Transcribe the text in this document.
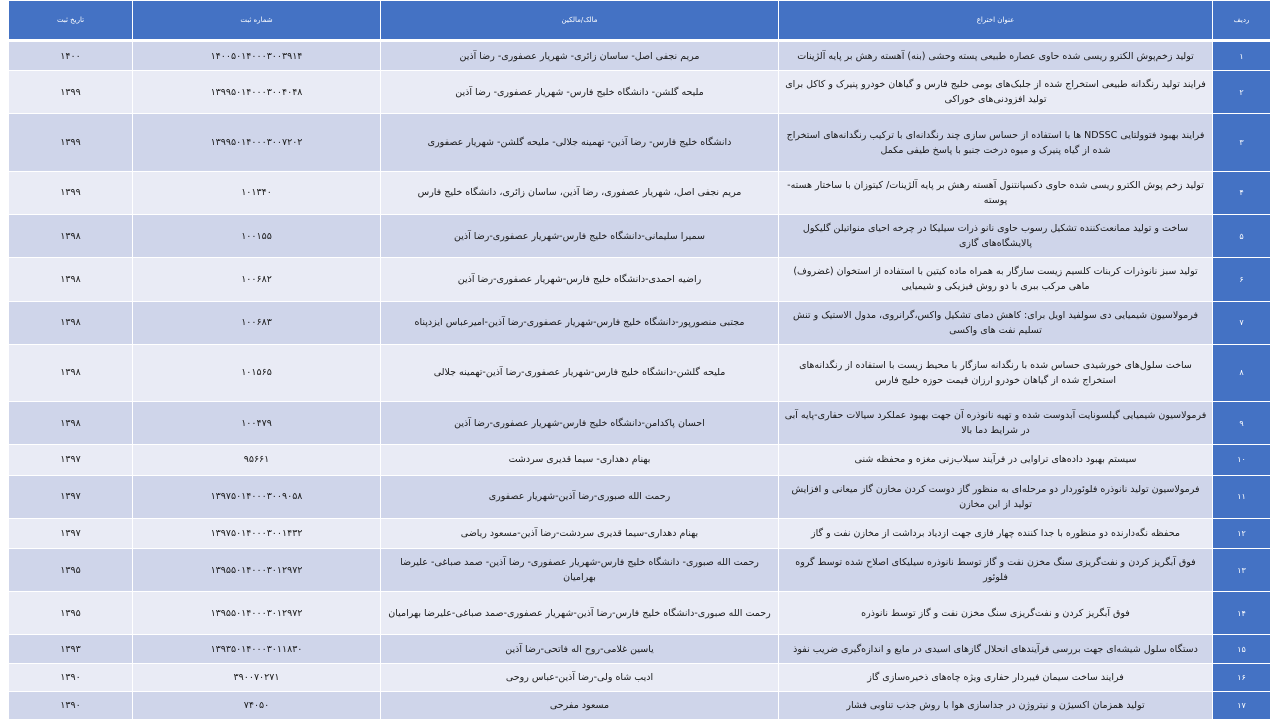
ردیف	عنوان اختراع	مالک/مالکین	شماره ثبت	تاریخ ثبت
۱	تولید زخم‌پوش الکترو ریسی شده حاوی عصاره طبیعی پسته وحشی (بنه) آهسته رهش بر پایه آلژینات	مریم نجفی اصل- ساسان زائری- شهریار عصفوری- رضا آذین	۱۴۰۰۵۰۱۴۰۰۰۳۰۰۳۹۱۴	۱۴۰۰
۲	فرایند تولید رنگدانه طبیعی استخراج شده از جلبک‌های بومی خلیج فارس و گیاهان خودرو پنیرک و کاکل برای تولید افزودنی‌های خوراکی	ملیحه گلشن- دانشگاه خلیج فارس- شهریار عصفوری- رضا آذین	۱۳۹۹۵۰۱۴۰۰۰۳۰۰۴۰۴۸	۱۳۹۹
۳	فرایند بهبود فتوولتایی NDSSC ها با استفاده از حساس سازی چند رنگدانه‌ای با ترکیب رنگدانه‌های استخراج شده از گیاه پنیرک و میوه درخت جنبو با پاسخ طیفی مکمل	دانشگاه خلیج فارس- رضا آذین- تهمینه جلالی- ملیحه گلشن- شهریار عصفوری	۱۳۹۹۵۰۱۴۰۰۰۳۰۰۷۲۰۲	۱۳۹۹
۴	تولید زخم پوش الکترو ریسی شده حاوی دکسپانتنول آهسته رهش بر پایه آلژینات/ کیتوزان با ساختار هسته-پوسته	مریم نجفی اصل، شهریار عصفوری، رضا آذین، ساسان زائری، دانشگاه خلیج فارس	۱۰۱۳۴۰	۱۳۹۹
۵	ساخت و تولید ممانعت‌کننده تشکیل رسوب حاوی نانو ذرات سیلیکا در چرخه احیای منواتیلن گلیکول پالایشگاه‌های گازی	سمیرا سلیمانی-دانشگاه خلیج فارس-شهریار عصفوری-رضا آذین	۱۰۰۱۵۵	۱۳۹۸
۶	تولید سبز نانوذرات کربنات کلسیم زیست سازگار به همراه ماده کیتین با استفاده از استخوان (غضروف) ماهی مرکب ببری با دو روش فیزیکی و شیمیایی	راضیه احمدی-دانشگاه خلیج فارس-شهریار عصفوری-رضا آذین	۱۰۰۶۸۲	۱۳۹۸
۷	فرمولاسیون شیمیایی دی سولفید اویل برای: کاهش دمای تشکیل واکس،گرانروی، مدول الاستیک و تنش تسلیم نفت های واکسی	مجتبی منصورپور-دانشگاه خلیج فارس-شهریار عصفوری-رضا آذین-امیرعباس ایزدپناه	۱۰۰۶۸۳	۱۳۹۸
۸	ساخت سلول‌های خورشیدی حساس شده با رنگدانه سازگار با محیط زیست با استفاده از رنگدانه‌های استخراج شده از گیاهان خودرو ارزان قیمت حوزه خلیج فارس	ملیحه گلشن-دانشگاه خلیج فارس-شهریار عصفوری-رضا آذین-تهمینه جلالی	۱۰۱۵۶۵	۱۳۹۸
۹	فرمولاسیون شیمیایی گیلسونایت آبدوست شده و تهیه نانوذره آن جهت بهبود عملکرد سیالات حفاری-پایه آبی در شرایط دما بالا	احسان پاکدامن-دانشگاه خلیج فارس-شهریار عصفوری-رضا آذین	۱۰۰۴۷۹	۱۳۹۸
۱۰	سیستم بهبود داده‌های تراوایی در فرآیند سیلاب‌زنی مغزه و محفظه شنی	بهنام دهداری- سیما قدیری سردشت	۹۵۶۶۱	۱۳۹۷
۱۱	فرمولاسیون تولید نانوذره فلوئوردار دو مرحله‌ای به منظور گاز دوست کردن مخازن گاز میعانی و افزایش تولید از این مخازن	رحمت الله صبوری-رضا آذین-شهریار عصفوری	۱۳۹۷۵۰۱۴۰۰۰۳۰۰۹۰۵۸	۱۳۹۷
۱۲	محفظه نگه‌دارنده دو منظوره با جدا کننده چهار فازی جهت ازدیاد برداشت از مخازن نفت و گاز	بهنام دهداری-سیما قدیری سردشت-رضا آذین-مسعود ریاضی	۱۳۹۷۵۰۱۴۰۰۰۳۰۰۱۴۳۲	۱۳۹۷
۱۳	فوق آبگریز کردن و نفت‌گریزی سنگ مخزن نفت و گاز توسط نانوذره سیلیکای اصلاح شده توسط گروه فلوئور	رحمت الله صبوری- دانشگاه خلیج فارس-شهریار عصفوری- رضا آذین- صمد صباغی- علیرضا بهرامیان	۱۳۹۵۵۰۱۴۰۰۰۳۰۱۲۹۷۲	۱۳۹۵
۱۴	فوق آبگریز کردن و نفت‌گریزی سنگ مخزن نفت و گاز توسط نانوذره	رحمت الله صبوری-دانشگاه خلیج فارس-رضا آذین-شهریار عصفوری-صمد صباغی-علیرضا بهرامیان	۱۳۹۵۵۰۱۴۰۰۰۳۰۱۲۹۷۲	۱۳۹۵
۱۵	دستگاه سلول شیشه‌ای جهت بررسی فرآیندهای انحلال گازهای اسیدی در مایع و اندازه‌گیری ضریب نفوذ	یاسین غلامی-روح اله فاتحی-رضا آذین	۱۳۹۳۵۰۱۴۰۰۰۳۰۱۱۸۳۰	۱۳۹۳
۱۶	فرایند ساخت سیمان فیبردار حفاری ویژه چاه‌های ذخیره‌سازی گاز	ادیب شاه ولی-رضا آذین-عباس روحی	۳۹۰۰۷۰۲۷۱	۱۳۹۰
۱۷	تولید همزمان اکسیژن و نیتروژن در جداسازی هوا با روش جذب تناوبی فشار	مسعود مفرحی	۷۴۰۵۰	۱۳۹۰
